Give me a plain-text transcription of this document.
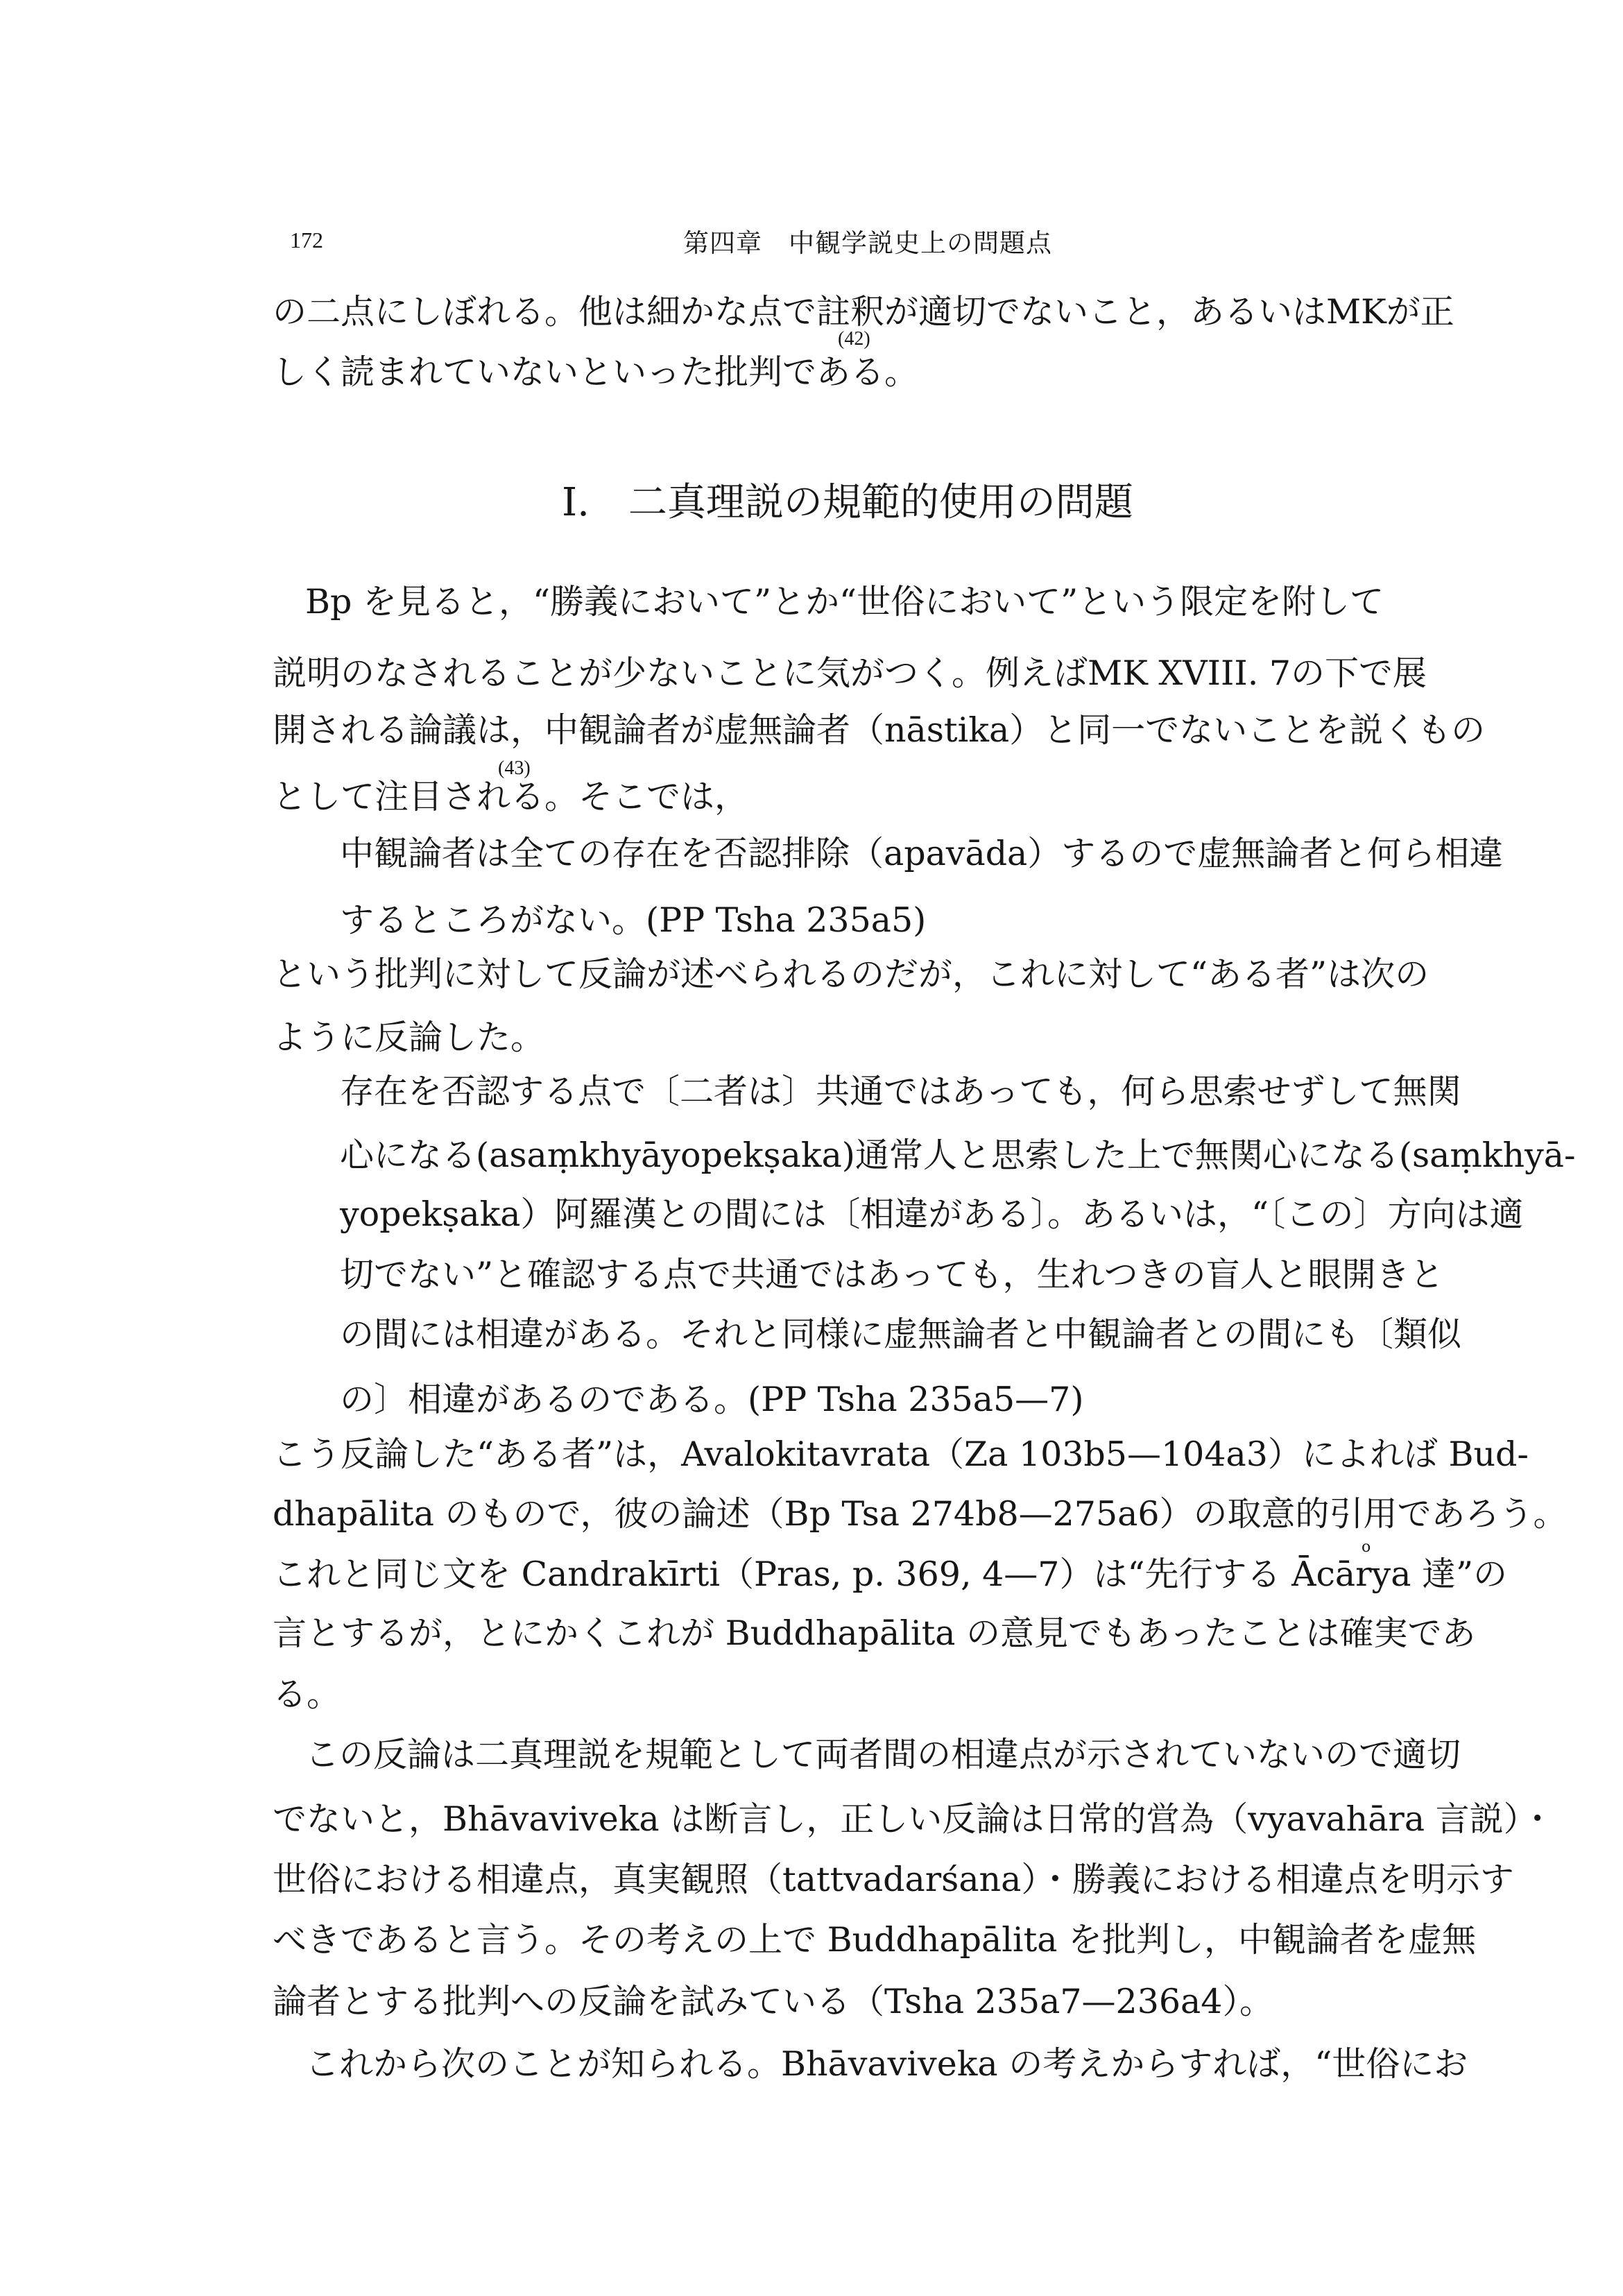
172	第四章　中観学説史上の問題点
の二点にしぼれる。他は細かな点で註釈が適切でないこと，あるいはMKが正
(42)
しく読まれていないといった批判である。
I.　二真理説の規範的使用の問題
Bp を見ると，“勝義において”とか“世俗において”という限定を附して
説明のなされることが少ないことに気がつく。例えばMK XVIII. 7の下で展
開される論議は，中観論者が虚無論者（nāstika）と同一でないことを説くもの
(43)
として注目される。そこでは，
中観論者は全ての存在を否認排除（apavāda）するので虚無論者と何ら相違
するところがない。(PP Tsha 235a5)
という批判に対して反論が述べられるのだが，これに対して“ある者”は次の
ように反論した。
存在を否認する点で〔二者は〕共通ではあっても，何ら思索せずして無関
心になる(asaṃkhyāyopekṣaka)通常人と思索した上で無関心になる(saṃkhyā-
yopekṣaka）阿羅漢との間には〔相違がある〕。あるいは，“〔この〕方向は適
切でない”と確認する点で共通ではあっても，生れつきの盲人と眼開きと
の間には相違がある。それと同様に虚無論者と中観論者との間にも〔類似
の〕相違があるのである。(PP Tsha 235a5—7)
こう反論した“ある者”は，Avalokitavrata（Za 103b5—104a3）によれば Bud-
dhapālita のもので，彼の論述（Bp Tsa 274b8—275a6）の取意的引用であろう。
o
これと同じ文を Candrakīrti（Pras, p. 369, 4—7）は“先行する Ācārya 達”の
言とするが，とにかくこれが Buddhapālita の意見でもあったことは確実であ
る。
この反論は二真理説を規範として両者間の相違点が示されていないので適切
でないと，Bhāvaviveka は断言し，正しい反論は日常的営為（vyavahāra 言説）・
世俗における相違点，真実観照（tattvadarśana）・勝義における相違点を明示す
べきであると言う。その考えの上で Buddhapālita を批判し，中観論者を虚無
論者とする批判への反論を試みている（Tsha 235a7—236a4）。
これから次のことが知られる。Bhāvaviveka の考えからすれば，“世俗にお
